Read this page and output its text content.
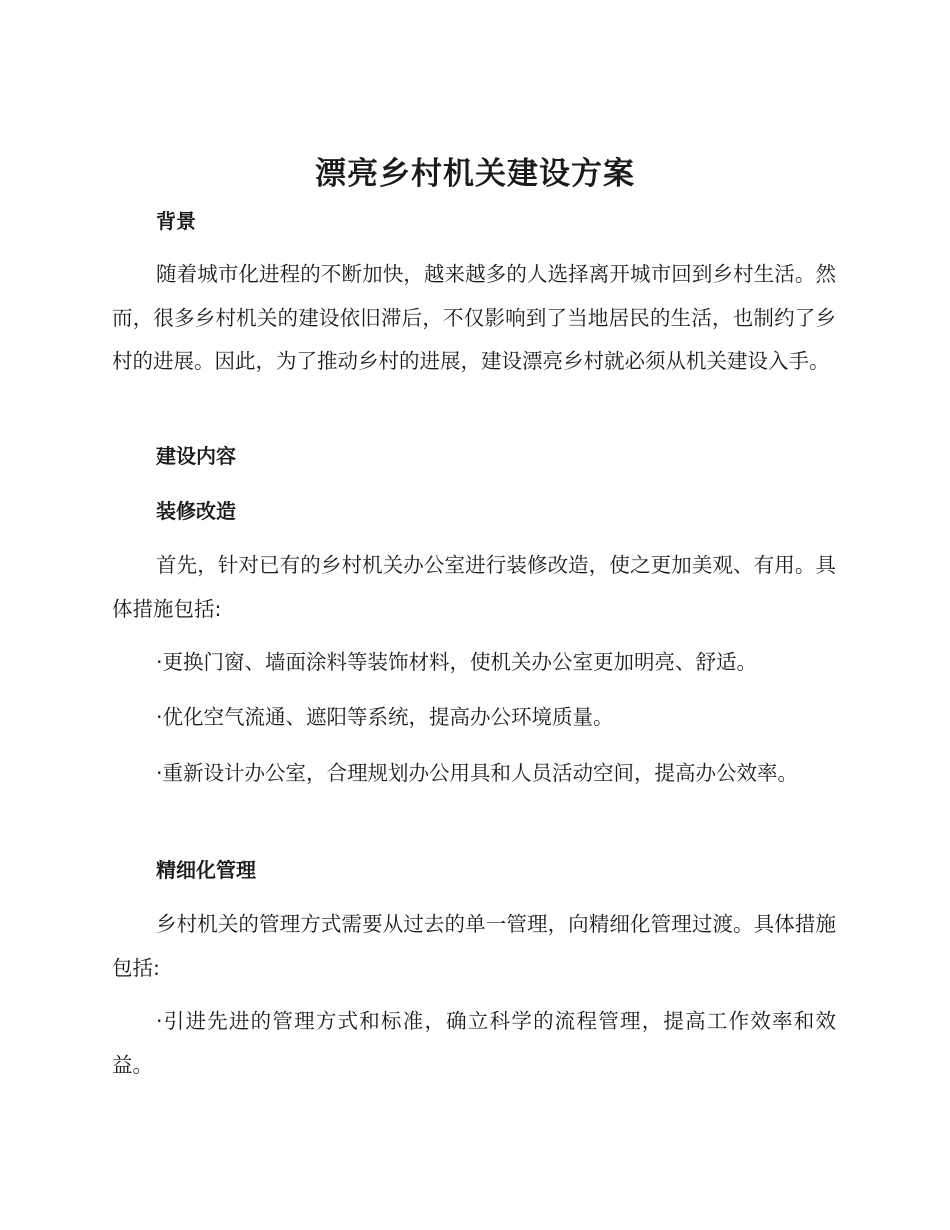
漂亮乡村机关建设方案
背景

随着城市化进程的不断加快，越来越多的人选择离开城市回到乡村生活。然而，很多乡村机关的建设依旧滞后，不仅影响到了当地居民的生活，也制约了乡村的进展。因此，为了推动乡村的进展，建设漂亮乡村就必须从机关建设入手。

建设内容
装修改造

首先，针对已有的乡村机关办公室进行装修改造，使之更加美观、有用。具体措施包括:

·更换门窗、墙面涂料等装饰材料，使机关办公室更加明亮、舒适。

·优化空气流通、遮阳等系统，提高办公环境质量。

·重新设计办公室，合理规划办公用具和人员活动空间，提高办公效率。

精细化管理

乡村机关的管理方式需要从过去的单一管理，向精细化管理过渡。具体措施包括:

·引进先进的管理方式和标准，确立科学的流程管理，提高工作效率和效益。
